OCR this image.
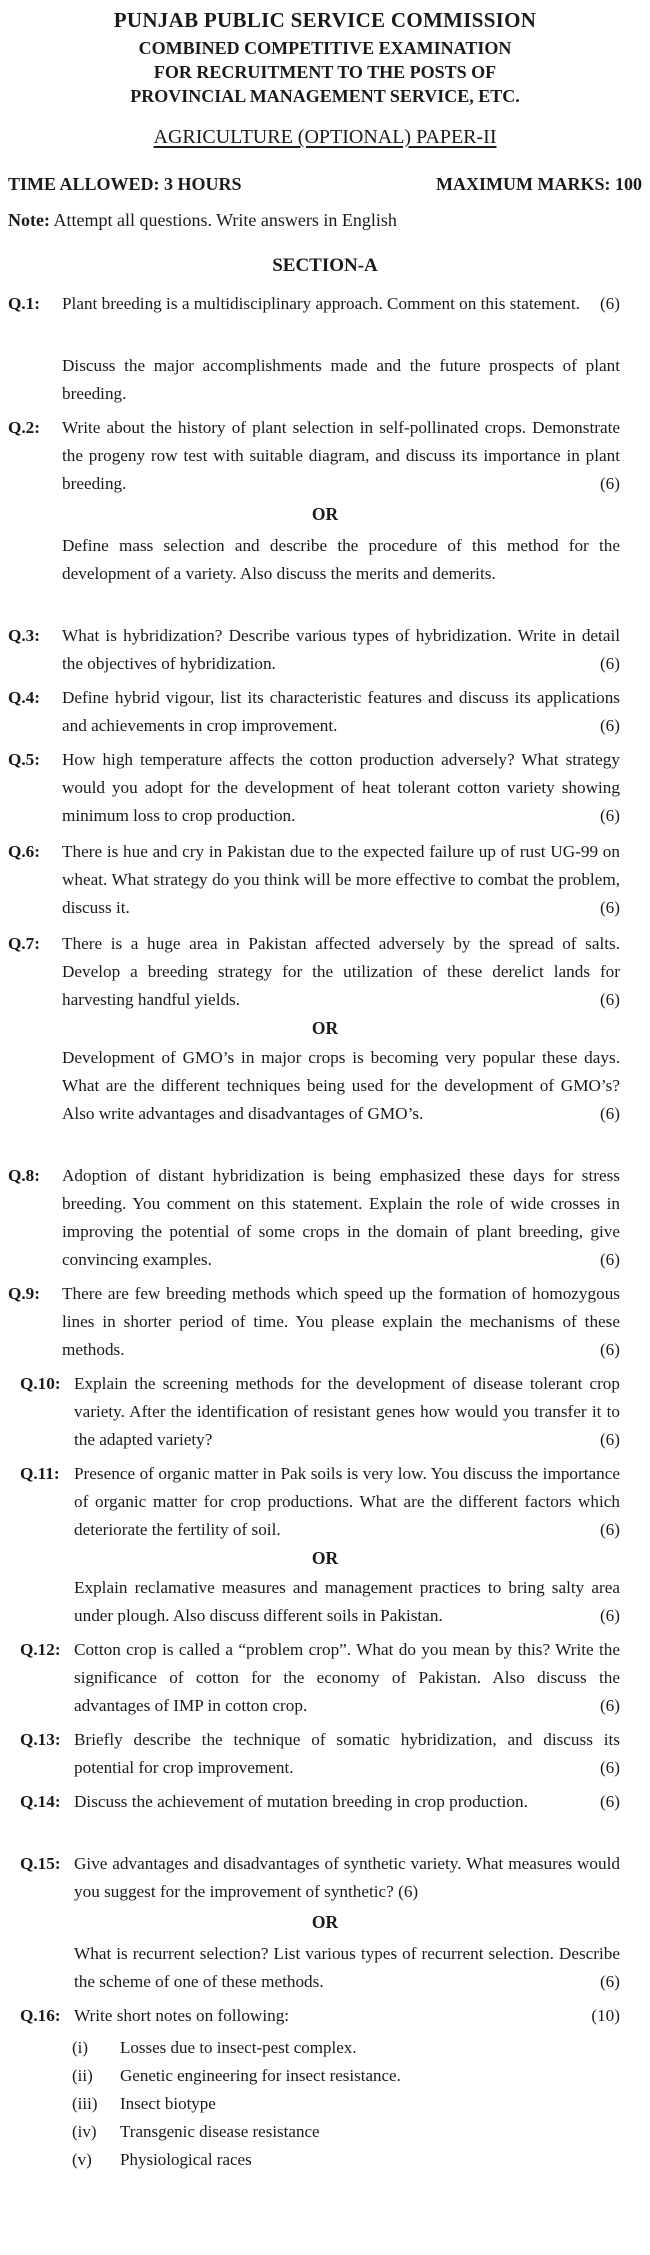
PUNJAB PUBLIC SERVICE COMMISSION
COMBINED COMPETITIVE EXAMINATION
FOR RECRUITMENT TO THE POSTS OF
PROVINCIAL MANAGEMENT SERVICE, ETC.
AGRICULTURE (OPTIONAL) PAPER-II
TIME ALLOWED: 3 HOURS	MAXIMUM MARKS: 100
Note: Attempt all questions. Write answers in English
SECTION-A
Q.1: Plant breeding is a multidisciplinary approach. Comment on this statement. (6)
Discuss the major accomplishments made and the future prospects of plant breeding.
Q.2: Write about the history of plant selection in self-pollinated crops. Demonstrate the progeny row test with suitable diagram, and discuss its importance in plant breeding.	(6)
OR
Define mass selection and describe the procedure of this method for the development of a variety. Also discuss the merits and demerits.
Q.3: What is hybridization? Describe various types of hybridization. Write in detail the objectives of hybridization.	(6)
Q.4: Define hybrid vigour, list its characteristic features and discuss its applications and achievements in crop improvement.	(6)
Q.5: How high temperature affects the cotton production adversely? What strategy would you adopt for the development of heat tolerant cotton variety showing minimum loss to crop production.	(6)
Q.6: There is hue and cry in Pakistan due to the expected failure up of rust UG-99 on wheat. What strategy do you think will be more effective to combat the problem, discuss it.	(6)
Q.7: There is a huge area in Pakistan affected adversely by the spread of salts. Develop a breeding strategy for the utilization of these derelict lands for harvesting handful yields.	(6)
OR
Development of GMO’s in major crops is becoming very popular these days. What are the different techniques being used for the development of GMO’s? Also write advantages and disadvantages of GMO’s.	(6)
Q.8: Adoption of distant hybridization is being emphasized these days for stress breeding. You comment on this statement. Explain the role of wide crosses in improving the potential of some crops in the domain of plant breeding, give convincing examples.	(6)
Q.9: There are few breeding methods which speed up the formation of homozygous lines in shorter period of time. You please explain the mechanisms of these methods.	(6)
Q.10: Explain the screening methods for the development of disease tolerant crop variety. After the identification of resistant genes how would you transfer it to the adapted variety?	(6)
Q.11: Presence of organic matter in Pak soils is very low. You discuss the importance of organic matter for crop productions. What are the different factors which deteriorate the fertility of soil.	(6)
OR
Explain reclamative measures and management practices to bring salty area under plough. Also discuss different soils in Pakistan.	(6)
Q.12: Cotton crop is called a “problem crop”. What do you mean by this? Write the significance of cotton for the economy of Pakistan. Also discuss the advantages of IMP in cotton crop.	(6)
Q.13: Briefly describe the technique of somatic hybridization, and discuss its potential for crop improvement.	(6)
Q.14: Discuss the achievement of mutation breeding in crop production.	(6)
Q.15: Give advantages and disadvantages of synthetic variety. What measures would you suggest for the improvement of synthetic? (6)
OR
What is recurrent selection? List various types of recurrent selection. Describe the scheme of one of these methods.	(6)
Q.16: Write short notes on following:	(10)
(i) Losses due to insect-pest complex.
(ii) Genetic engineering for insect resistance.
(iii) Insect biotype
(iv) Transgenic disease resistance
(v) Physiological races
